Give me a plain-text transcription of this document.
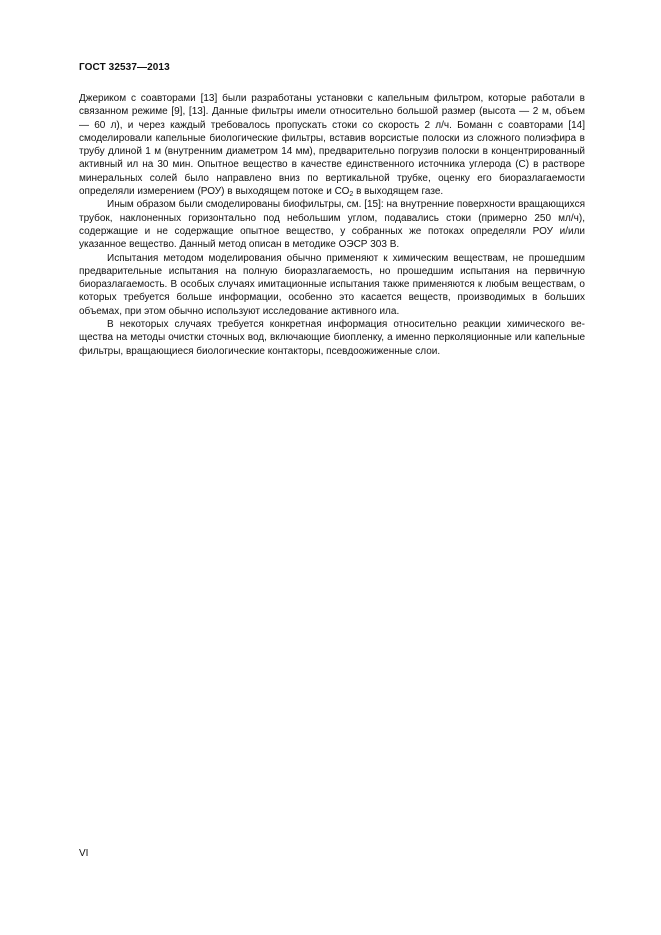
ГОСТ 32537—2013

Джериком с соавторами [13] были разработаны установки с капельным фильтром, которые работали в связанном режиме [9], [13]. Данные фильтры имели относительно большой размер (высота — 2 м, объем — 60 л), и через каждый требовалось пропускать стоки со скорость 2 л/ч. Боманн с соавторами [14] смоделировали капельные биологические фильтры, вставив ворсистые полоски из сложного полиэфира в трубу длиной 1 м (внутренним диаметром 14 мм), предварительно погрузив полоски в концентрированный активный ил на 30 мин. Опытное вещество в качестве единственного источника углерода (С) в растворе минеральных солей было направлено вниз по вертикальной трубке, оценку его биоразлагаемости определяли измерением (РОУ) в выходящем потоке и $СО_2$ в выходящем газе.

Иным образом были смоделированы биофильтры, см. [15]: на внутренние поверхности вращающихся трубок, наклоненных горизонтально под небольшим углом, подавались стоки (примерно 250 мл/ч), содержащие и не содержащие опытное вещество, у собранных же потоках определяли РОУ и/или указанное вещество. Данный метод описан в методике ОЭСР 303 В.

Испытания методом моделирования обычно применяют к химическим веществам, не прошедшим предварительные испытания на полную биоразлагаемость, но прошедшим испытания на первичную биоразлагаемость. В особых случаях имитационные испытания также применяются к любым веществам, о которых требуется больше информации, особенно это касается веществ, производимых в больших объемах, при этом обычно используют исследование активного ила.

В некоторых случаях требуется конкретная информация относительно реакции химического вещества на методы очистки сточных вод, включающие биопленку, а именно перколяционные или капельные фильтры, вращающиеся биологические контакторы, псевдоожиженные слои.

VI
